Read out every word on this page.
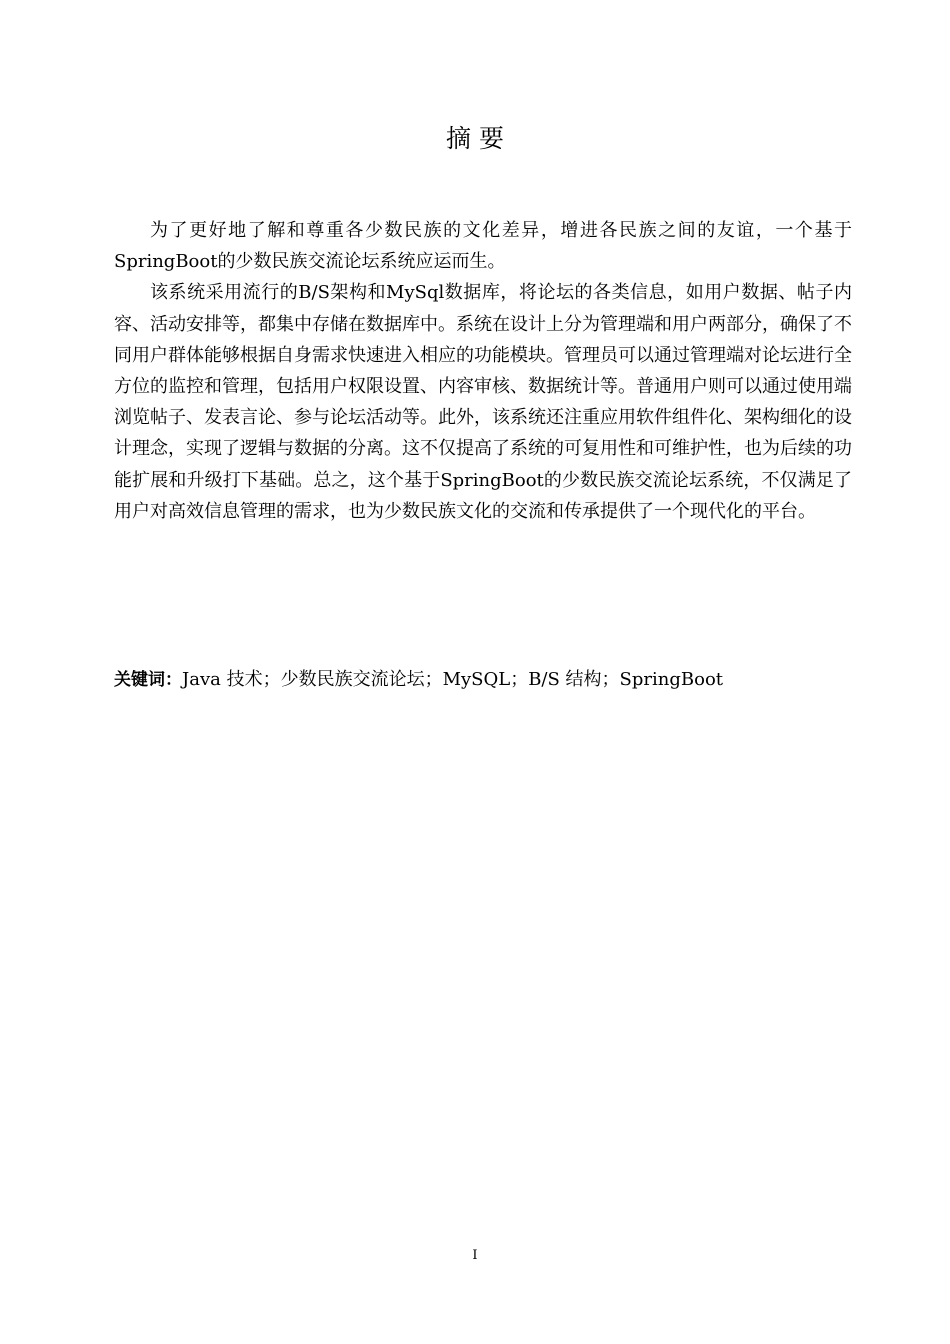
摘 要

为了更好地了解和尊重各少数民族的文化差异，增进各民族之间的友谊，一个基于SpringBoot的少数民族交流论坛系统应运而生。

该系统采用流行的B/S架构和MySql数据库，将论坛的各类信息，如用户数据、帖子内容、活动安排等，都集中存储在数据库中。系统在设计上分为管理端和用户两部分，确保了不同用户群体能够根据自身需求快速进入相应的功能模块。管理员可以通过管理端对论坛进行全方位的监控和管理，包括用户权限设置、内容审核、数据统计等。普通用户则可以通过使用端浏览帖子、发表言论、参与论坛活动等。此外，该系统还注重应用软件组件化、架构细化的设计理念，实现了逻辑与数据的分离。这不仅提高了系统的可复用性和可维护性，也为后续的功能扩展和升级打下基础。总之，这个基于SpringBoot的少数民族交流论坛系统，不仅满足了用户对高效信息管理的需求，也为少数民族文化的交流和传承提供了一个现代化的平台。

关键词：Java 技术；少数民族交流论坛；MySQL；B/S 结构；SpringBoot

I
